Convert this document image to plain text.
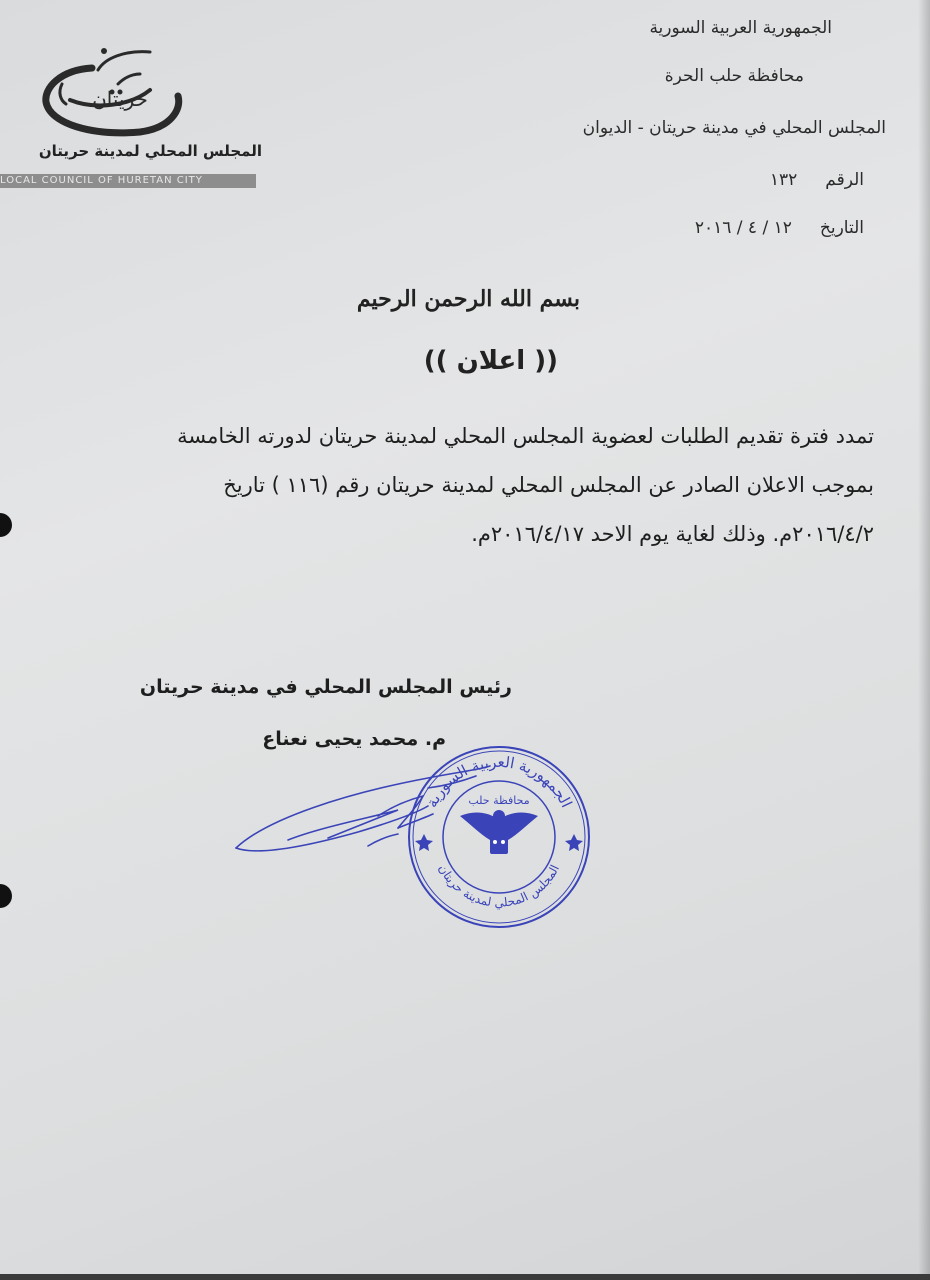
حريتان
المجلس المحلي لمدينة حريتان
LOCAL COUNCIL OF HURETAN CITY
الجمهورية العربية السورية
محافظة حلب الحرة
المجلس المحلي في مدينة حريتان - الديوان
الرقم١٣٢
التاريخ١٢ / ٤ / ٢٠١٦
بسم الله الرحمن الرحيم
(( اعلان ))
تمدد فترة تقديم الطلبات لعضوية المجلس المحلي لمدينة حريتان لدورته الخامسة
بموجب الاعلان الصادر عن المجلس المحلي لمدينة حريتان رقم (١١٦ ) تاريخ
٢٠١٦/٤/٢م. وذلك لغاية يوم الاحد ٢٠١٦/٤/١٧م.
رئيس المجلس المحلي في مدينة حريتان
م. محمد يحيى نعناع
الجمهورية العربية السورية
المجلس المحلي لمدينة حريتان
محافظة حلب
